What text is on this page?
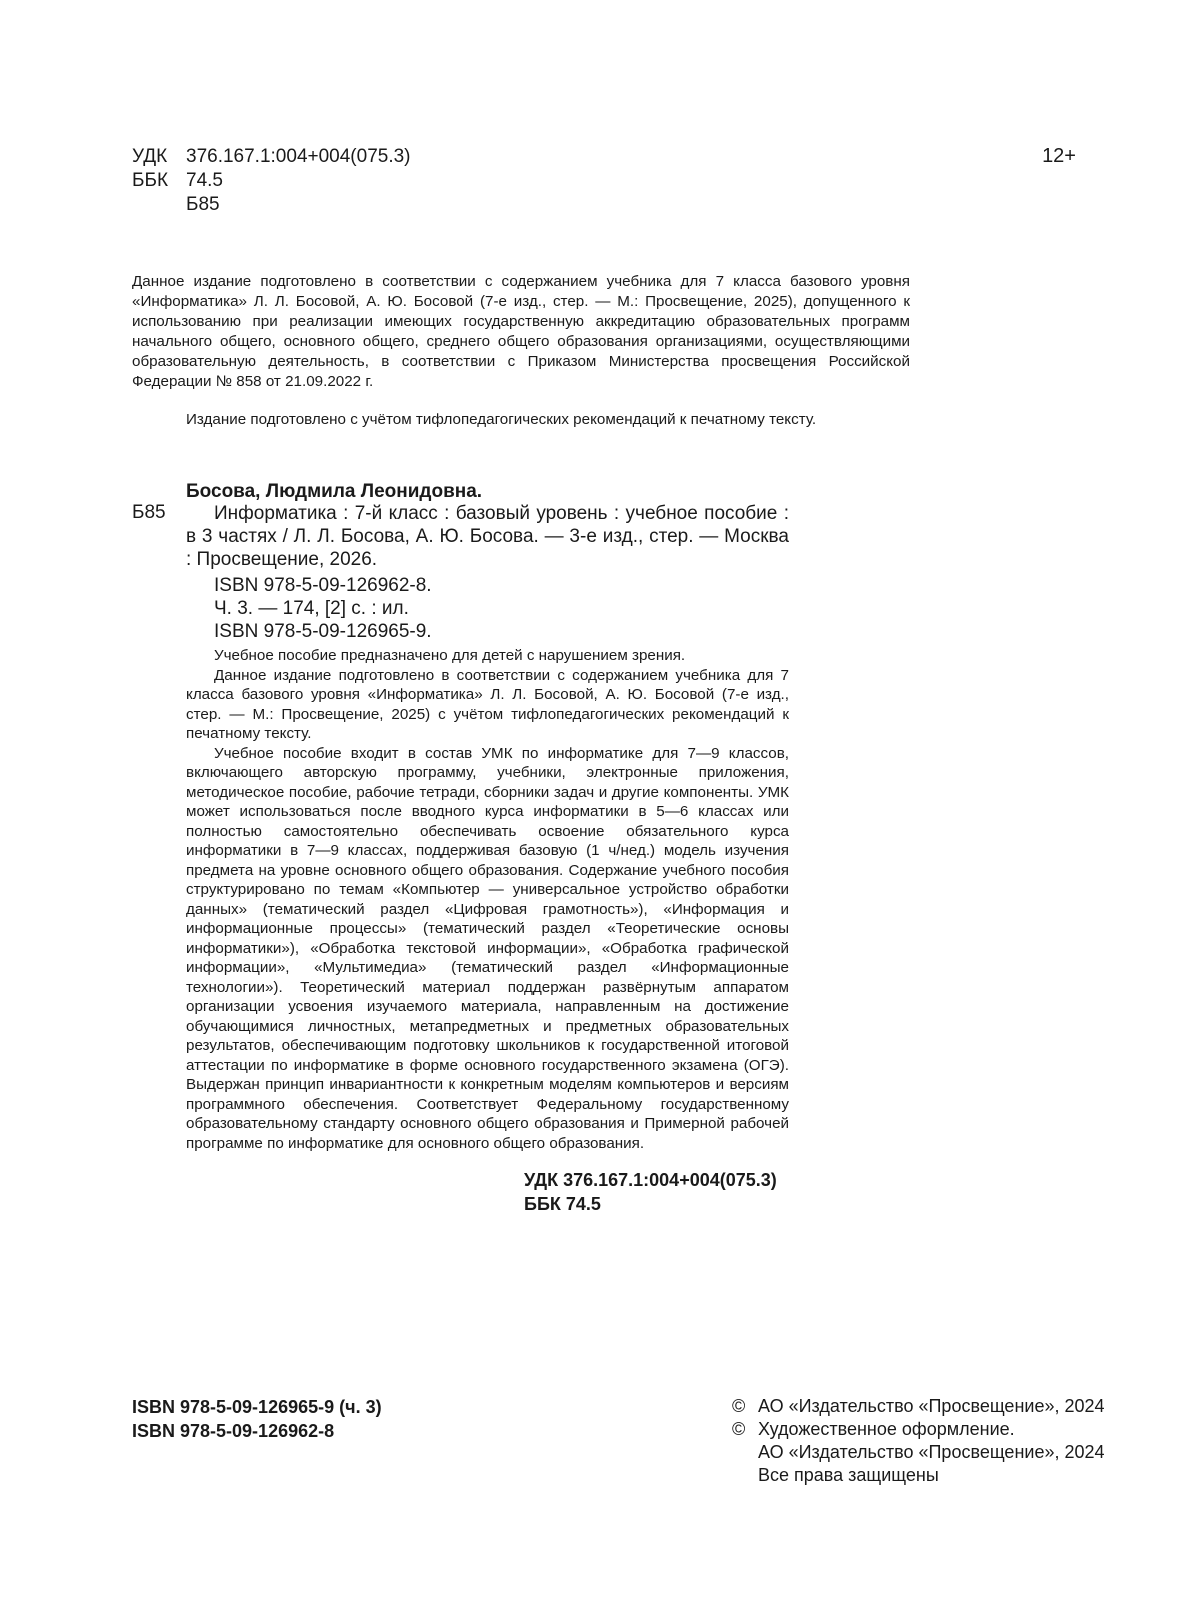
УДК 376.167.1:004+004(075.3)
ББК 74.5
Б85
12+

Данное издание подготовлено в соответствии с содержанием учебника для 7 класса базового уровня «Информатика» Л. Л. Босовой, А. Ю. Босовой (7-е изд., стер. — М.: Просвещение, 2025), допущенного к использованию при реализации имеющих государственную аккредитацию образовательных программ начального общего, основного общего, среднего общего образования организациями, осуществляющими образовательную деятельность, в соответствии с Приказом Министерства просвещения Российской Федерации № 858 от 21.09.2022 г.

Издание подготовлено с учётом тифлопедагогических рекомендаций к печатному тексту.

Босова, Людмила Леонидовна.
Б85	Информатика : 7-й класс : базовый уровень : учебное пособие : в 3 частях / Л. Л. Босова, А. Ю. Босова. — 3-е изд., стер. — Москва : Просвещение, 2026.

ISBN 978-5-09-126962-8.
Ч. 3. — 174, [2] с. : ил.
ISBN 978-5-09-126965-9.

Учебное пособие предназначено для детей с нарушением зрения.

Данное издание подготовлено в соответствии с содержанием учебника для 7 класса базового уровня «Информатика» Л. Л. Босовой, А. Ю. Босовой (7-е изд., стер. — М.: Просвещение, 2025) с учётом тифлопедагогических рекомендаций к печатному тексту.

Учебное пособие входит в состав УМК по информатике для 7—9 классов, включающего авторскую программу, учебники, электронные приложения, методическое пособие, рабочие тетради, сборники задач и другие компоненты. УМК может использоваться после вводного курса информатики в 5—6 классах или полностью самостоятельно обеспечивать освоение обязательного курса информатики в 7—9 классах, поддерживая базовую (1 ч/нед.) модель изучения предмета на уровне основного общего образования. Содержание учебного пособия структурировано по темам «Компьютер — универсальное устройство обработки данных» (тематический раздел «Цифровая грамотность»), «Информация и информационные процессы» (тематический раздел «Теоретические основы информатики»), «Обработка текстовой информации», «Обработка графической информации», «Мультимедиа» (тематический раздел «Информационные технологии»). Теоретический материал поддержан развёрнутым аппаратом организации усвоения изучаемого материала, направленным на достижение обучающимися личностных, метапредметных и предметных образовательных результатов, обеспечивающим подготовку школьников к государственной итоговой аттестации по информатике в форме основного государственного экзамена (ОГЭ). Выдержан принцип инвариантности к конкретным моделям компьютеров и версиям программного обеспечения. Соответствует Федеральному государственному образовательному стандарту основного общего образования и Примерной рабочей программе по информатике для основного общего образования.

УДК 376.167.1:004+004(075.3)
ББК 74.5
ISBN 978-5-09-126965-9 (ч. 3)
ISBN 978-5-09-126962-8
© АО «Издательство «Просвещение», 2024
© Художественное оформление.
АО «Издательство «Просвещение», 2024
Все права защищены
